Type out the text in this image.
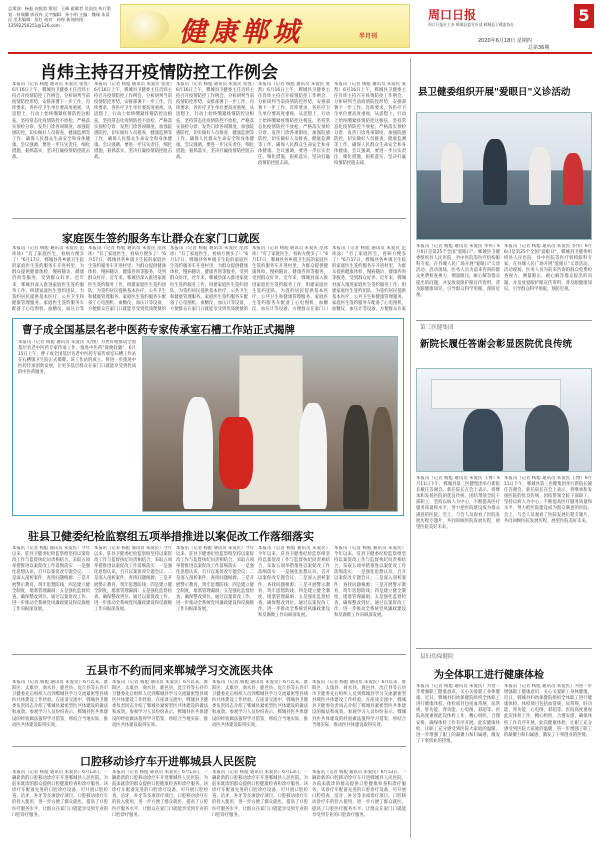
总策划：杨彪 何甄第 策划：王峰 霍耀者 吴国良 执行策划：何瑞馨 郭孜冉 文字编辑：孙小明 主编：魏瑞 朱爱民 美术编辑：彭红 校对：孙悦 新闻热线：13592250251@126.com	健康郸城	半月刊
周口日报
周口日报社主办 郸城县委宣传部 郸城县卫健委协办
2020年6月18日 星期四
5
总第36期
肖炜主持召开疫情防控工作例会
本报讯（记者 杨彪 通讯员 朱爱民 张凯）6月16日上午，郸城县卫健委主任肖炜主持召开疫情防控工作例会，分析研判当前疫情防控形势，安排部署下一步工作。肖炜要求，各医疗卫生单位要高度重视，从思想上、行动上始终绷紧疫情防控这根弦，坚持常态化疫情防控不放松，严格落实预检分诊、发热门诊各项制度，加强院感防控，切实做好人员排查、健康监测等工作，确保人民群众生命安全和身体健康。会议强调，要进一步压实责任，细化措施，狠抓落实，坚决打赢疫情防控阻击战。
本报讯（记者 杨彪 通讯员 朱爱民 张凯）6月16日上午，郸城县卫健委主任肖炜主持召开疫情防控工作例会，分析研判当前疫情防控形势，安排部署下一步工作。肖炜要求，各医疗卫生单位要高度重视，从思想上、行动上始终绷紧疫情防控这根弦，坚持常态化疫情防控不放松，严格落实预检分诊、发热门诊各项制度，加强院感防控，切实做好人员排查、健康监测等工作，确保人民群众生命安全和身体健康。会议强调，要进一步压实责任，细化措施，狠抓落实，坚决打赢疫情防控阻击战。
本报讯（记者 杨彪 通讯员 朱爱民 张凯）6月16日上午，郸城县卫健委主任肖炜主持召开疫情防控工作例会，分析研判当前疫情防控形势，安排部署下一步工作。肖炜要求，各医疗卫生单位要高度重视，从思想上、行动上始终绷紧疫情防控这根弦，坚持常态化疫情防控不放松，严格落实预检分诊、发热门诊各项制度，加强院感防控，切实做好人员排查、健康监测等工作，确保人民群众生命安全和身体健康。会议强调，要进一步压实责任，细化措施，狠抓落实，坚决打赢疫情防控阻击战。
本报讯（记者 杨彪 通讯员 朱爱民 张凯）6月16日上午，郸城县卫健委主任肖炜主持召开疫情防控工作例会，分析研判当前疫情防控形势，安排部署下一步工作。肖炜要求，各医疗卫生单位要高度重视，从思想上、行动上始终绷紧疫情防控这根弦，坚持常态化疫情防控不放松，严格落实预检分诊、发热门诊各项制度，加强院感防控，切实做好人员排查、健康监测等工作，确保人民群众生命安全和身体健康。会议强调，要进一步压实责任，细化措施，狠抓落实，坚决打赢疫情防控阻击战。
本报讯（记者 杨彪 通讯员 朱爱民 张凯）6月16日上午，郸城县卫健委主任肖炜主持召开疫情防控工作例会，分析研判当前疫情防控形势，安排部署下一步工作。肖炜要求，各医疗卫生单位要高度重视，从思想上、行动上始终绷紧疫情防控这根弦，坚持常态化疫情防控不放松，严格落实预检分诊、发热门诊各项制度，加强院感防控，切实做好人员排查、健康监测等工作，确保人民群众生命安全和身体健康。会议强调，要进一步压实责任，细化措施，狠抓落实，坚决打赢疫情防控阻击战。
家庭医生签约服务车让群众在家门口就医
本报讯（记者 杨彪 通讯员 朱爱民 范冰冰）"有了家庭医生，看病方便多了！"6月17日，郸城县各乡镇卫生院的家庭医生签约服务车开进村里，为群众提供健康体检、慢病随访、健康咨询等服务，受到群众好评。近年来，郸城县深入推进家庭医生签约服务工作，组建家庭医生签约团队，为签约居民提供基本医疗、公共卫生和健康管理服务。家庭医生签约服务车配备了心电图机、血糖仪、血压计等
本报讯（记者 杨彪 通讯员 朱爱民 范冰冰）"有了家庭医生，看病方便多了！"6月17日，郸城县各乡镇卫生院的家庭医生签约服务车开进村里，为群众提供健康体检、慢病随访、健康咨询等服务，受到群众好评。近年来，郸城县深入推进家庭医生签约服务工作，组建家庭医生签约团队，为签约居民提供基本医疗、公共卫生和健康管理服务。家庭医生签约服务车配备了心电图机、血糖仪、血压计等设备，方便群众在家门口就能享受到优质便捷的
本报讯（记者 杨彪 通讯员 朱爱民 范冰冰）"有了家庭医生，看病方便多了！"6月17日，郸城县各乡镇卫生院的家庭医生签约服务车开进村里，为群众提供健康体检、慢病随访、健康咨询等服务，受到群众好评。近年来，郸城县深入推进家庭医生签约服务工作，组建家庭医生签约团队，为签约居民提供基本医疗、公共卫生和健康管理服务。家庭医生签约服务车配备了心电图机、血糖仪、血压计等设备，方便群众在家门口就能享受到优质便捷的
本报讯（记者 杨彪 通讯员 朱爱民 范冰冰）"有了家庭医生，看病方便多了！"6月17日，郸城县各乡镇卫生院的家庭医生签约服务车开进村里，为群众提供健康体检、慢病随访、健康咨询等服务，受到群众好评。近年来，郸城县深入推进家庭医生签约服务工作，组建家庭医生签约团队，为签约居民提供基本医疗、公共卫生和健康管理服务。家庭医生签约服务车配备了心电图机、血糖仪、血压计等设备，方便群众在家门口
本报讯（记者 杨彪 通讯员 朱爱民 范冰冰）"有了家庭医生，看病方便多了！"6月17日，郸城县各乡镇卫生院的家庭医生签约服务车开进村里，为群众提供健康体检、慢病随访、健康咨询等服务，受到群众好评。近年来，郸城县深入推进家庭医生签约服务工作，组建家庭医生签约团队，为签约居民提供基本医疗、公共卫生和健康管理服务。家庭医生签约服务车配备了心电图机、血糖仪、血压计等设备，方便群众在家
县卫健委组织开展"爱眼日"义诊活动
本报讯（记者 杨彪 通讯员 朱爱民 李伟）6月6日是第25个全国"爱眼日"，郸城县卫健委组织县人民医院、县中医院等医疗机构眼科专家，在县城人民广场开展"爱眼日"义诊活动。活动现场，医务人员为前来咨询的群众免费检查视力、测量眼压，耐心解答群众提出的问题，并发放爱眼护眼宣传资料，普及眼健康知识，引导群众科学用眼，预防近视。
本报讯（记者 杨彪 通讯员 朱爱民 李伟）6月6日是第25个全国"爱眼日"，郸城县卫健委组织县人民医院、县中医院等医疗机构眼科专家，在县城人民广场开展"爱眼日"义诊活动。活动现场，医务人员为前来咨询的群众免费检查视力、测量眼压，耐心解答群众提出的问题，并发放爱眼护眼宣传资料，普及眼健康知识，引导群众科学用眼，预防近视。
第三医健集团
新院长履任答谢会彰显医院优良传统
本报讯（记者 杨彪 通讯员 朱爱民 王博）6月11日下午，郸城县第三医健集团举行新院长履任答谢会。新任院长在会上表示，将继承和发扬医院的优良传统，团结带领全院干部职工，坚持以病人为中心，不断提高医疗服务质量和水平，努力把医院建设成为群众满意的医院。会上，与会人员观看了医院发展历程专题片，共同回顾医院发展历程，展望医院美好未来。
本报讯（记者 杨彪 通讯员 朱爱民 王博）6月11日下午，郸城县第三医健集团举行新院长履任答谢会。新任院长在会上表示，将继承和发扬医院的优良传统，团结带领全院干部职工，坚持以病人为中心，不断提高医疗服务质量和水平，努力把医院建设成为群众满意的医院。会上，与会人员观看了医院发展历程专题片，共同回顾医院发展历程，展望医院美好未来。
曹子成全国基层名老中医药专家传承室石槽工作站正式揭牌
本报讯（记者 杨彪 通讯员 朱爱民 文/图）为更好地推动全国基层名老中医药专家传承工作，推进中医药"简便验廉"，6月15日上午，曹子成全国基层名老中医药专家传承室石槽工作站在石槽镇卫生院正式揭牌。该工作站的成立，将进一步推进中医药传承创新发展，让更多基层群众在家门口就能享受到优质的中医药服务。
驻县卫健委纪检监察组五项举措推进以案促改工作落细落实
本报讯（记者 杨彪 通讯员 朱爱民）今年以来，驻县卫健委纪检监察组坚持以案促改工作与监督执纪问责相结合，采取五项举措推进以案促改工作落细落实：一是强化思想认识，召开以案促改专题会议；二是深入剖析案件，查找问题根源；三是开展警示教育，筑牢思想防线；四是建立健全制度，堵塞管理漏洞；五是强化监督检查，确保整改到位。通过以案促改工作，进一步推动全系统党风廉政建设和反腐败工作向纵深发展。
本报讯（记者 杨彪 通讯员 朱爱民）今年以来，驻县卫健委纪检监察组坚持以案促改工作与监督执纪问责相结合，采取五项举措推进以案促改工作落细落实：一是强化思想认识，召开以案促改专题会议；二是深入剖析案件，查找问题根源；三是开展警示教育，筑牢思想防线；四是建立健全制度，堵塞管理漏洞；五是强化监督检查，确保整改到位。通过以案促改工作，进一步推动全系统党风廉政建设和反腐败工作向纵深发展。
本报讯（记者 杨彪 通讯员 朱爱民）今年以来，驻县卫健委纪检监察组坚持以案促改工作与监督执纪问责相结合，采取五项举措推进以案促改工作落细落实：一是强化思想认识，召开以案促改专题会议；二是深入剖析案件，查找问题根源；三是开展警示教育，筑牢思想防线；四是建立健全制度，堵塞管理漏洞；五是强化监督检查，确保整改到位。通过以案促改工作，进一步推动全系统党风廉政建设和反腐败工作向纵深发展。
本报讯（记者 杨彪 通讯员 朱爱民）今年以来，驻县卫健委纪检监察组坚持以案促改工作与监督执纪问责相结合，采取五项举措推进以案促改工作落细落实：一是强化思想认识，召开以案促改专题会议；二是深入剖析案件，查找问题根源；三是开展警示教育，筑牢思想防线；四是建立健全制度，堵塞管理漏洞；五是强化监督检查，确保整改到位。通过以案促改工作，进一步推动全系统党风廉政建设和反腐败工作向纵深发展。
本报讯（记者 杨彪 通讯员 朱爱民）今年以来，驻县卫健委纪检监察组坚持以案促改工作与监督执纪问责相结合，采取五项举措推进以案促改工作落细落实：一是强化思想认识，召开以案促改专题会议；二是深入剖析案件，查找问题根源；三是开展警示教育，筑牢思想防线；四是建立健全制度，堵塞管理漏洞；五是强化监督检查，确保整改到位。通过以案促改工作，进一步推动全系统党风廉政建设和反腐败工作向纵深发展。
五县市不约而同来郸城学习交流医共体
本报讯（记者 杨彪 通讯员 朱爱民）6月以来，淮阳区、太康县、商水县、鹿邑县、沈丘县等五县市卫健委先后组织人员到郸城县学习交流紧密型县域医共体建设工作经验。在座谈交流中，郸城县卫健委负责同志介绍了郸城县紧密型医共体建设的做法和成效。参观学习人员纷纷表示，郸城县医共体建设的经验做法值得学习借鉴，将结合当地实际，推动医共体建设取得实效。
本报讯（记者 杨彪 通讯员 朱爱民）6月以来，淮阳区、太康县、商水县、鹿邑县、沈丘县等五县市卫健委先后组织人员到郸城县学习交流紧密型县域医共体建设工作经验。在座谈交流中，郸城县卫健委负责同志介绍了郸城县紧密型医共体建设的做法和成效。参观学习人员纷纷表示，郸城县医共体建设的经验做法值得学习借鉴，将结合当地实际，推动医共体建设取得实效。
本报讯（记者 杨彪 通讯员 朱爱民）6月以来，淮阳区、太康县、商水县、鹿邑县、沈丘县等五县市卫健委先后组织人员到郸城县学习交流紧密型县域医共体建设工作经验。在座谈交流中，郸城县卫健委负责同志介绍了郸城县紧密型医共体建设的做法和成效。参观学习人员纷纷表示，郸城县医共体建设的经验做法值得学习借鉴，将结合当地实际，推动医共体建设取得实效。
本报讯（记者 杨彪 通讯员 朱爱民）6月以来，淮阳区、太康县、商水县、鹿邑县、沈丘县等五县市卫健委先后组织人员到郸城县学习交流紧密型县域医共体建设工作经验。在座谈交流中，郸城县卫健委负责同志介绍了郸城县紧密型医共体建设的做法和成效。参观学习人员纷纷表示，郸城县医共体建设的经验做法值得学习借鉴，将结合当地实际，推动医共体建设取得实效。
口腔移动诊疗车开进郸城县人民医院
本报讯（记者 杨彪 通讯员 朱爱民）6月13日，一辆崭新的口腔移动诊疗车开进郸城县人民医院，为前来就诊的群众提供口腔健康检查和诊疗服务。该诊疗车配备先进的口腔诊疗设备，可开展口腔检查、洁牙、补牙等多项诊疗项目。口腔移动诊疗车的投入使用，进一步方便了群众就医，提高了口腔医疗服务水平，让群众在家门口就能享受到专业的口腔诊疗服务。
本报讯（记者 杨彪 通讯员 朱爱民）6月13日，一辆崭新的口腔移动诊疗车开进郸城县人民医院，为前来就诊的群众提供口腔健康检查和诊疗服务。该诊疗车配备先进的口腔诊疗设备，可开展口腔检查、洁牙、补牙等多项诊疗项目。口腔移动诊疗车的投入使用，进一步方便了群众就医，提高了口腔医疗服务水平，让群众在家门口就能享受到专业的口腔诊疗服务。
本报讯（记者 杨彪 通讯员 朱爱民）6月13日，一辆崭新的口腔移动诊疗车开进郸城县人民医院，为前来就诊的群众提供口腔健康检查和诊疗服务。该诊疗车配备先进的口腔诊疗设备，可开展口腔检查、洁牙、补牙等多项诊疗项目。口腔移动诊疗车的投入使用，进一步方便了群众就医，提高了口腔医疗服务水平，让群众在家门口就能享受到专业的口腔诊疗服务。
本报讯（记者 杨彪 通讯员 朱爱民）6月13日，一辆崭新的口腔移动诊疗车开进郸城县人民医院，为前来就诊的群众提供口腔健康检查和诊疗服务。该诊疗车配备先进的口腔诊疗设备，可开展口腔检查、洁牙、补牙等多项诊疗项目。口腔移动诊疗车的投入使用，进一步方便了群众就医，提高了口腔医疗服务水平，让群众在家门口就能享受到专业的口腔诊疗服务。
县妇幼保健院
为全体职工进行健康体检
本报讯（记者 杨彪 通讯员 朱爱民）为进一步增强职工健康意识，关心关爱职工身体健康，近日，郸城县妇幼保健院组织全体职工进行健康体检。体检项目包括血常规、尿常规、肝功能、肾功能、心电图、彩超等。医院高度重视此次体检工作，精心组织，合理安排，确保体检工作有序开展。此次健康体检，让职工充分感受到医院大家庭的温暖，进一步增强了职工的凝聚力和归属感，激发了干事创业的热情。
本报讯（记者 杨彪 通讯员 朱爱民）为进一步增强职工健康意识，关心关爱职工身体健康，近日，郸城县妇幼保健院组织全体职工进行健康体检。体检项目包括血常规、尿常规、肝功能、肾功能、心电图、彩超等。医院高度重视此次体检工作，精心组织，合理安排，确保体检工作有序开展。此次健康体检，让职工充分感受到医院大家庭的温暖，进一步增强了职工的凝聚力和归属感，激发了干事创业的热情。
